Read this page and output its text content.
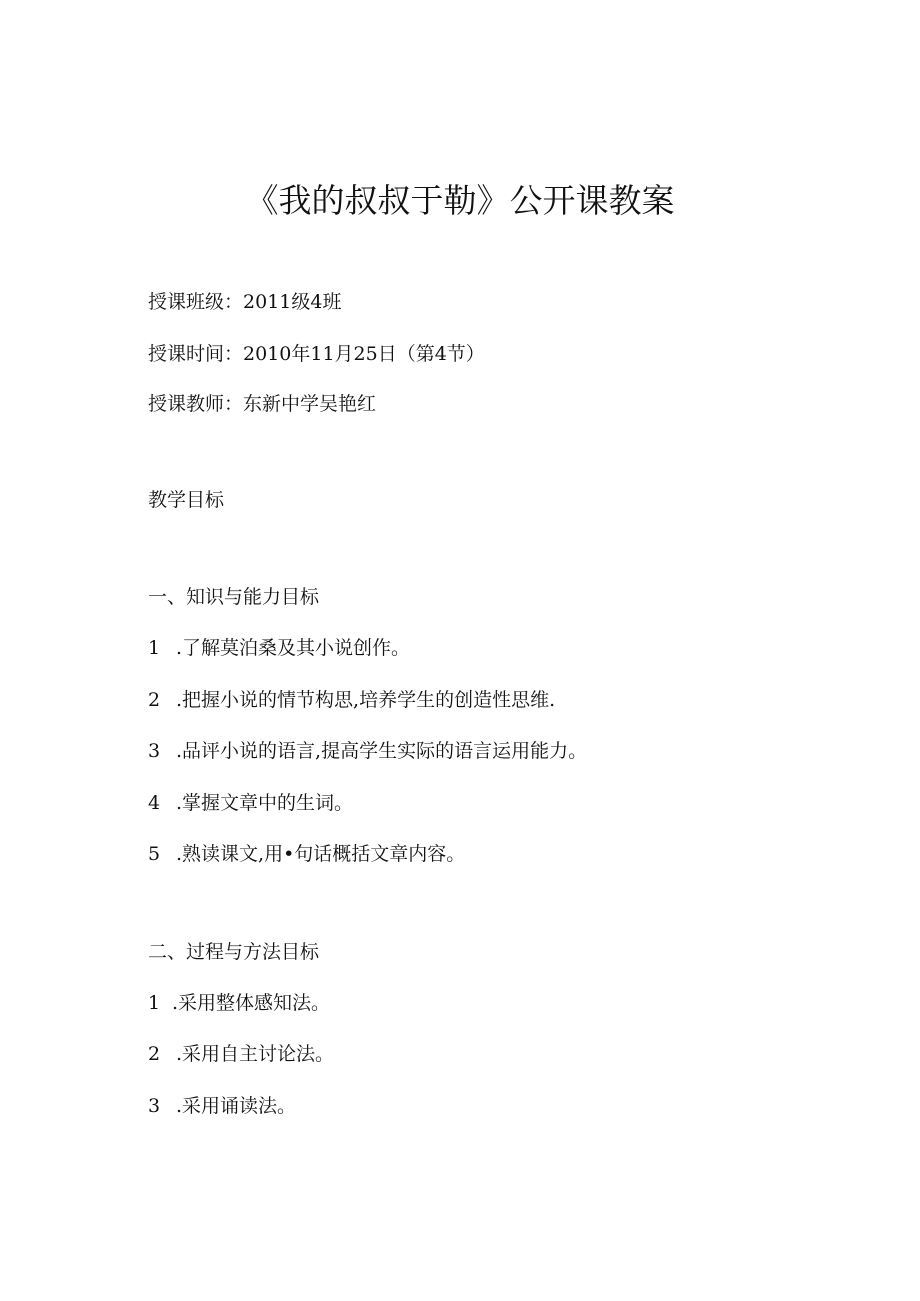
《我的叔叔于勒》公开课教案

授课班级：2011级4班

授课时间：2010年11月25日（第4节）

授课教师：东新中学吴艳红

教学目标

一、知识与能力目标

1 .了解莫泊桑及其小说创作。

2 .把握小说的情节构思,培养学生的创造性思维.

3 .品评小说的语言,提高学生实际的语言运用能力。

4 .掌握文章中的生词。

5 .熟读课文,用•句话概括文章内容。

二、过程与方法目标

1 .采用整体感知法。

2 .采用自主讨论法。

3 .采用诵读法。
